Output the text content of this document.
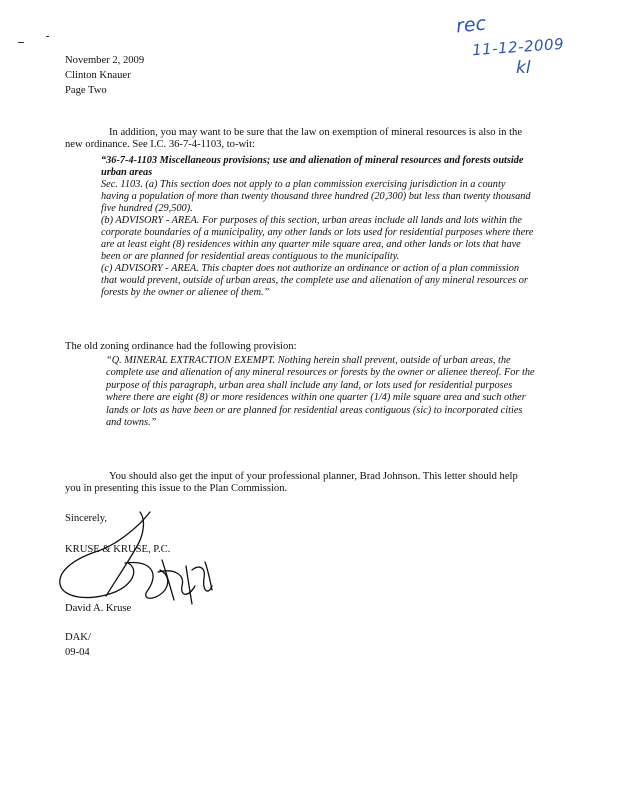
rec
11-12-2009
kl
November 2, 2009
Clinton Knauer
Page Two
In addition, you may want to be sure that the law on exemption of mineral resources is also in the new ordinance. See I.C. 36-7-4-1103, to-wit:

“36-7-4-1103 Miscellaneous provisions; use and alienation of mineral resources and forests outside urban areas

Sec. 1103. (a) This section does not apply to a plan commission exercising jurisdiction in a county having a population of more than twenty thousand three hundred (20,300) but less than twenty thousand five hundred (29,500).

(b) ADVISORY - AREA. For purposes of this section, urban areas include all lands and lots within the corporate boundaries of a municipality, any other lands or lots used for residential purposes where there are at least eight (8) residences within any quarter mile square area, and other lands or lots that have been or are planned for residential areas contiguous to the municipality.

(c) ADVISORY - AREA. This chapter does not authorize an ordinance or action of a plan commission that would prevent, outside of urban areas, the complete use and alienation of any mineral resources or forests by the owner or alienee of them.”

The old zoning ordinance had the following provision:
“Q. MINERAL EXTRACTION EXEMPT. Nothing herein shall prevent, outside of urban areas, the complete use and alienation of any mineral resources or forests by the owner or alienee thereof. For the purpose of this paragraph, urban area shall include any land, or lots used for residential purposes where there are eight (8) or more residences within one quarter (1/4) mile square area and such other lands or lots as have been or are planned for residential areas contiguous (sic) to incorporated cities and towns.”
You should also get the input of your professional planner, Brad Johnson. This letter should help you in presenting this issue to the Plan Commission.
Sincerely,
KRUSE & KRUSE, P.C.
David A. Kruse
DAK/
09-04
